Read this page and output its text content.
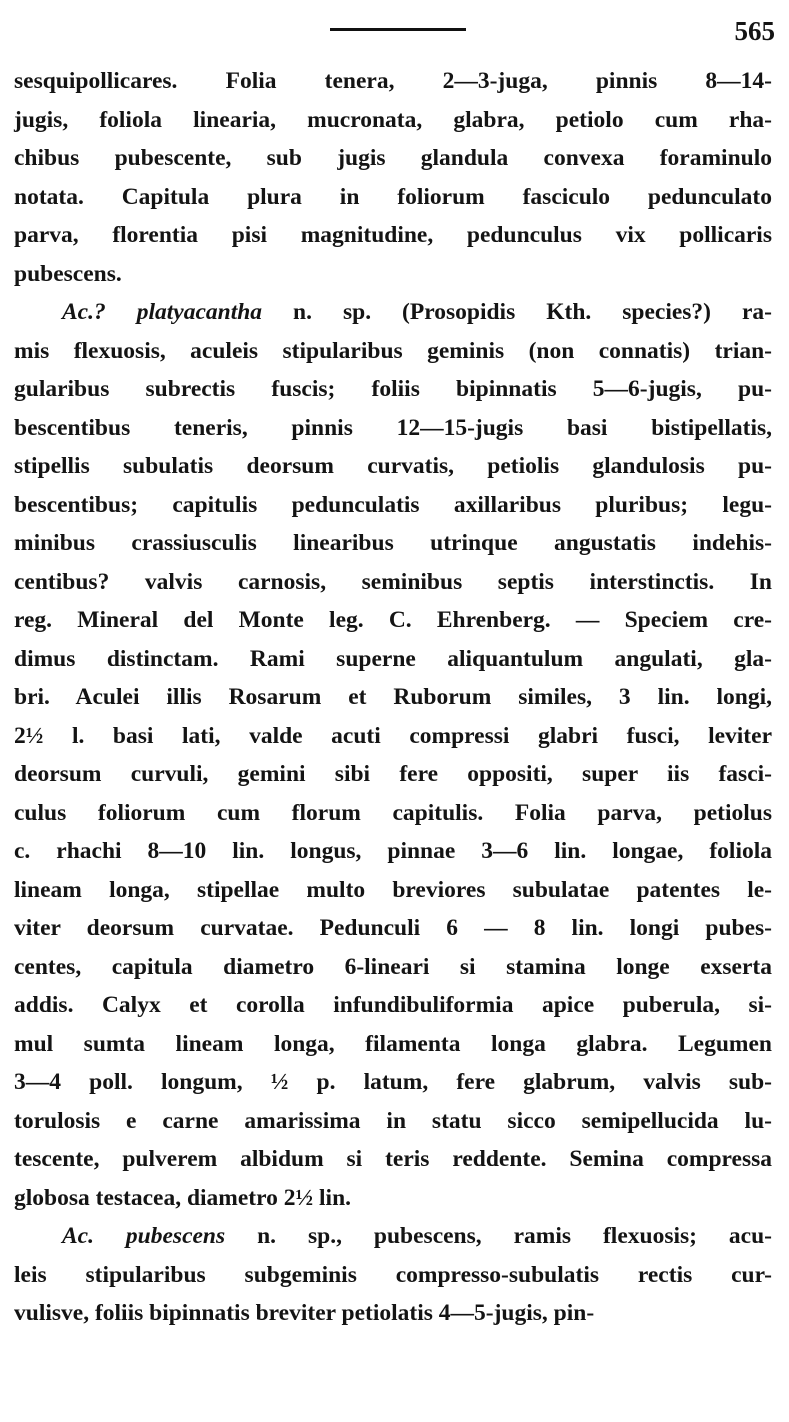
565
sesquipollicares. Folia tenera, 2—3-juga, pinnis 8—14-
jugis, foliola linearia, mucronata, glabra, petiolo cum rha-
chibus pubescente, sub jugis glandula convexa foraminulo
notata. Capitula plura in foliorum fasciculo pedunculato
parva, florentia pisi magnitudine, pedunculus vix pollicaris
pubescens.
Ac.? platyacantha n. sp. (Prosopidis Kth. species?) ra-
mis flexuosis, aculeis stipularibus geminis (non connatis) trian-
gularibus subrectis fuscis; foliis bipinnatis 5—6-jugis, pu-
bescentibus teneris, pinnis 12—15-jugis basi bistipellatis,
stipellis subulatis deorsum curvatis, petiolis glandulosis pu-
bescentibus; capitulis pedunculatis axillaribus pluribus; legu-
minibus crassiusculis linearibus utrinque angustatis indehis-
centibus? valvis carnosis, seminibus septis interstinctis. In
reg. Mineral del Monte leg. C. Ehrenberg. — Speciem cre-
dimus distinctam. Rami superne aliquantulum angulati, gla-
bri. Aculei illis Rosarum et Ruborum similes, 3 lin. longi,
2½ l. basi lati, valde acuti compressi glabri fusci, leviter
deorsum curvuli, gemini sibi fere oppositi, super iis fasci-
culus foliorum cum florum capitulis. Folia parva, petiolus
c. rhachi 8—10 lin. longus, pinnae 3—6 lin. longae, foliola
lineam longa, stipellae multo breviores subulatae patentes le-
viter deorsum curvatae. Pedunculi 6 — 8 lin. longi pubes-
centes, capitula diametro 6-lineari si stamina longe exserta
addis. Calyx et corolla infundibuliformia apice puberula, si-
mul sumta lineam longa, filamenta longa glabra. Legumen
3—4 poll. longum, ½ p. latum, fere glabrum, valvis sub-
torulosis e carne amarissima in statu sicco semipellucida lu-
tescente, pulverem albidum si teris reddente. Semina compressa
globosa testacea, diametro 2½ lin.
Ac. pubescens n. sp., pubescens, ramis flexuosis; acu-
leis stipularibus subgeminis compresso-subulatis rectis cur-
vulisve, foliis bipinnatis breviter petiolatis 4—5-jugis, pin-
